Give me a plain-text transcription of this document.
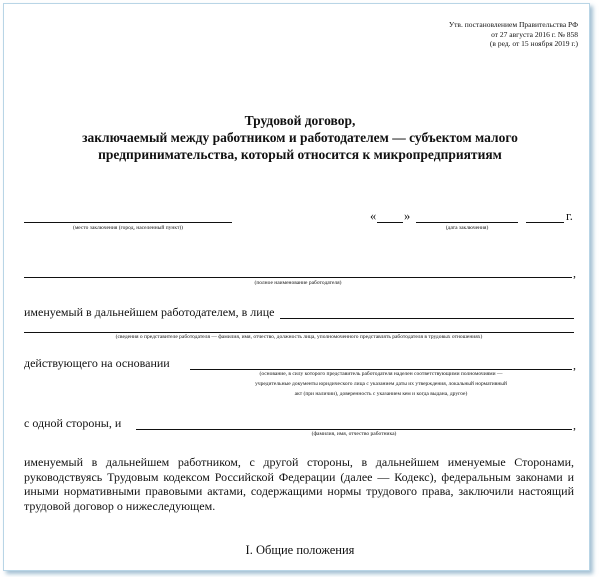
Утв. постановлением Правительства РФ
от 27 августа 2016 г. № 858
(в ред. от 15 ноября 2019 г.)
Трудовой договор,
заключаемый между работником и работодателем — субъектом малого
предпринимательства, который относится к микропредприятиям
(место заключения (город, населенный пункт))
« »	г.
(дата заключения)
,
(полное наименование работодателя)
именуемый в дальнейшем работодателем, в лице
(сведения о представителе работодателя — фамилия, имя, отчество, должность лица, уполномоченного представлять работодателя в трудовых отношениях)
действующего на основании	,
(основание, в силу которого представитель работодателя наделен соответствующими полномочиями —
учредительные документы юридического лица с указанием даты их утверждения, локальный нормативный
акт (при наличии), доверенность с указанием кем и когда выдана, другое)
с одной стороны, и	,
(фамилия, имя, отчество работника)
именуемый в дальнейшем работником, с другой стороны, в дальнейшем именуемые Сторонами, руководствуясь Трудовым кодексом Российской Федерации (далее — Кодекс), федеральным законами и иными нормативными правовыми актами, содержащими нормы трудового права, заключили настоящий трудовой договор о нижеследующем.
I. Общие положения
